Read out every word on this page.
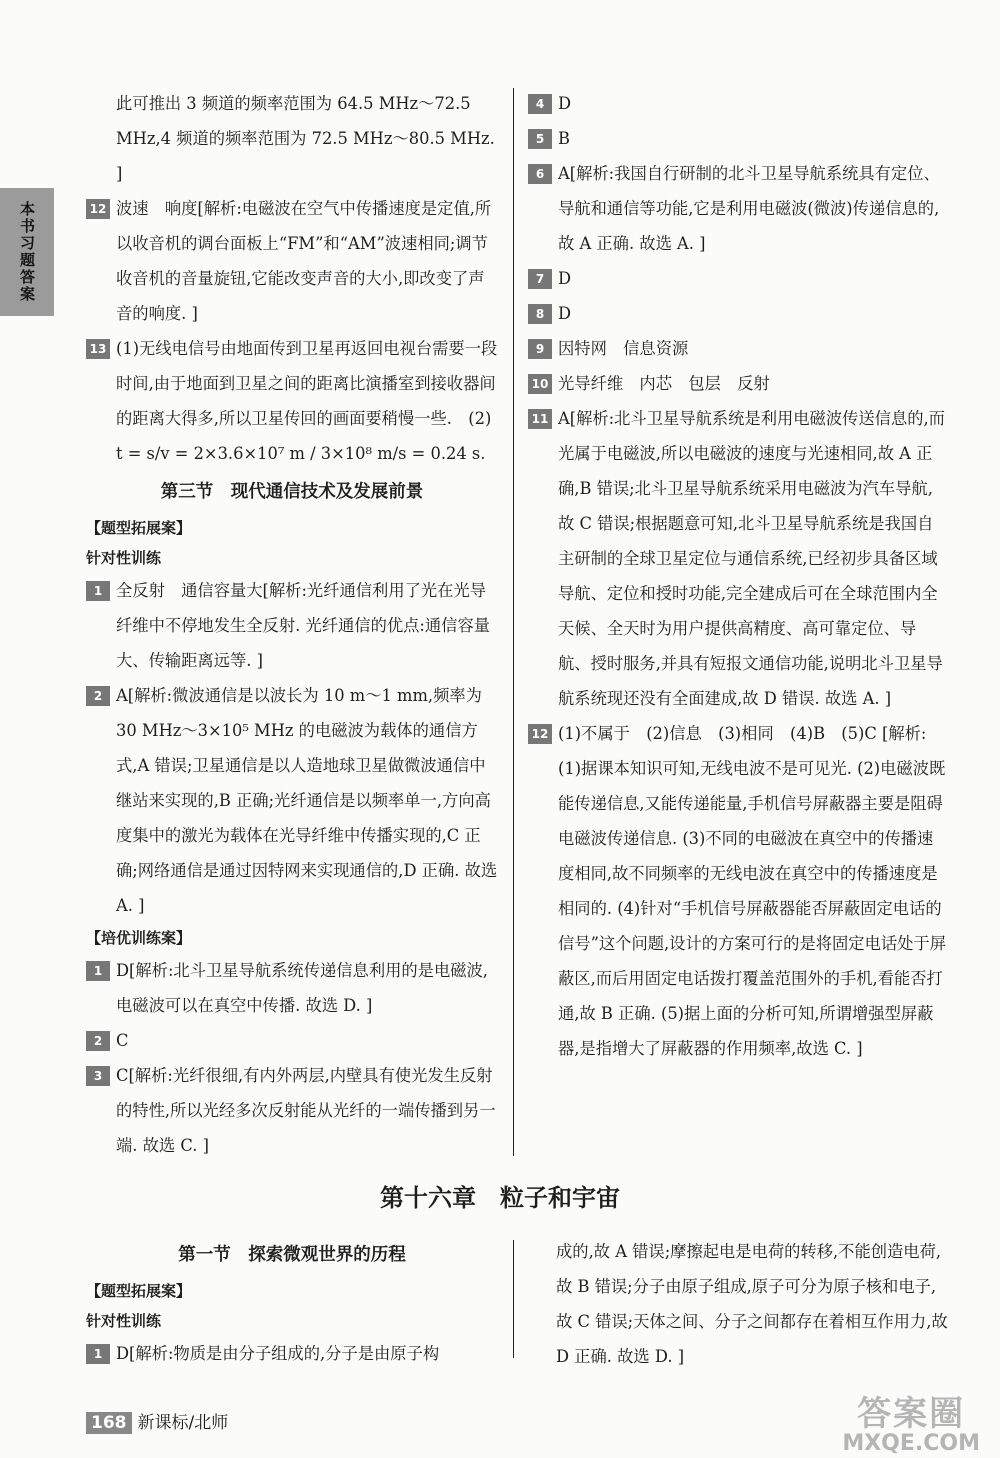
本书习题答案

此可推出 3 频道的频率范围为 64.5 MHz～72.5 MHz,4 频道的频率范围为 72.5 MHz～80.5 MHz. ]

12 波速　响度[解析:电磁波在空气中传播速度是定值,所以收音机的调台面板上“FM”和“AM”波速相同;调节收音机的音量旋钮,它能改变声音的大小,即改变了声音的响度. ]

13 (1)无线电信号由地面传到卫星再返回电视台需要一段时间,由于地面到卫星之间的距离比演播室到接收器间的距离大得多,所以卫星传回的画面要稍慢一些.　(2) t = s/v = 2×3.6×10⁷ m / 3×10⁸ m/s = 0.24 s.

第三节　现代通信技术及发展前景

【题型拓展案】

针对性训练

1 全反射　通信容量大[解析:光纤通信利用了光在光导纤维中不停地发生全反射. 光纤通信的优点:通信容量大、传输距离远等. ]

2 A[解析:微波通信是以波长为 10 m～1 mm,频率为30 MHz～3×10⁵ MHz 的电磁波为载体的通信方式,A 错误;卫星通信是以人造地球卫星做微波通信中继站来实现的,B 正确;光纤通信是以频率单一,方向高度集中的激光为载体在光导纤维中传播实现的,C 正确;网络通信是通过因特网来实现通信的,D 正确. 故选 A. ]

【培优训练案】

1 D[解析:北斗卫星导航系统传递信息利用的是电磁波,电磁波可以在真空中传播. 故选 D. ]

2 C

3 C[解析:光纤很细,有内外两层,内壁具有使光发生反射的特性,所以光经多次反射能从光纤的一端传播到另一端. 故选 C. ]

4 D

5 B

6 A[解析:我国自行研制的北斗卫星导航系统具有定位、导航和通信等功能,它是利用电磁波(微波)传递信息的,故 A 正确. 故选 A. ]

7 D

8 D

9 因特网　信息资源

10 光导纤维　内芯　包层　反射

11 A[解析:北斗卫星导航系统是利用电磁波传送信息的,而光属于电磁波,所以电磁波的速度与光速相同,故 A 正确,B 错误;北斗卫星导航系统采用电磁波为汽车导航,故 C 错误;根据题意可知,北斗卫星导航系统是我国自主研制的全球卫星定位与通信系统,已经初步具备区域导航、定位和授时功能,完全建成后可在全球范围内全天候、全天时为用户提供高精度、高可靠定位、导航、授时服务,并具有短报文通信功能,说明北斗卫星导航系统现还没有全面建成,故 D 错误. 故选 A. ]

12 (1)不属于　(2)信息　(3)相同　(4)B　(5)C [解析:(1)据课本知识可知,无线电波不是可见光. (2)电磁波既能传递信息,又能传递能量,手机信号屏蔽器主要是阻碍电磁波传递信息. (3)不同的电磁波在真空中的传播速度相同,故不同频率的无线电波在真空中的传播速度是相同的. (4)针对“手机信号屏蔽器能否屏蔽固定电话的信号”这个问题,设计的方案可行的是将固定电话处于屏蔽区,而后用固定电话拨打覆盖范围外的手机,看能否打通,故 B 正确. (5)据上面的分析可知,所谓增强型屏蔽器,是指增大了屏蔽器的作用频率,故选 C. ]

第十六章　粒子和宇宙
第一节　探索微观世界的历程

【题型拓展案】

针对性训练

1 D[解析:物质是由分子组成的,分子是由原子构

成的,故 A 错误;摩擦起电是电荷的转移,不能创造电荷,故 B 错误;分子由原子组成,原子可分为原子核和电子,故 C 错误;天体之间、分子之间都存在着相互作用力,故 D 正确. 故选 D. ]

168 新课标/北师	答案圈
MXQE.COM
